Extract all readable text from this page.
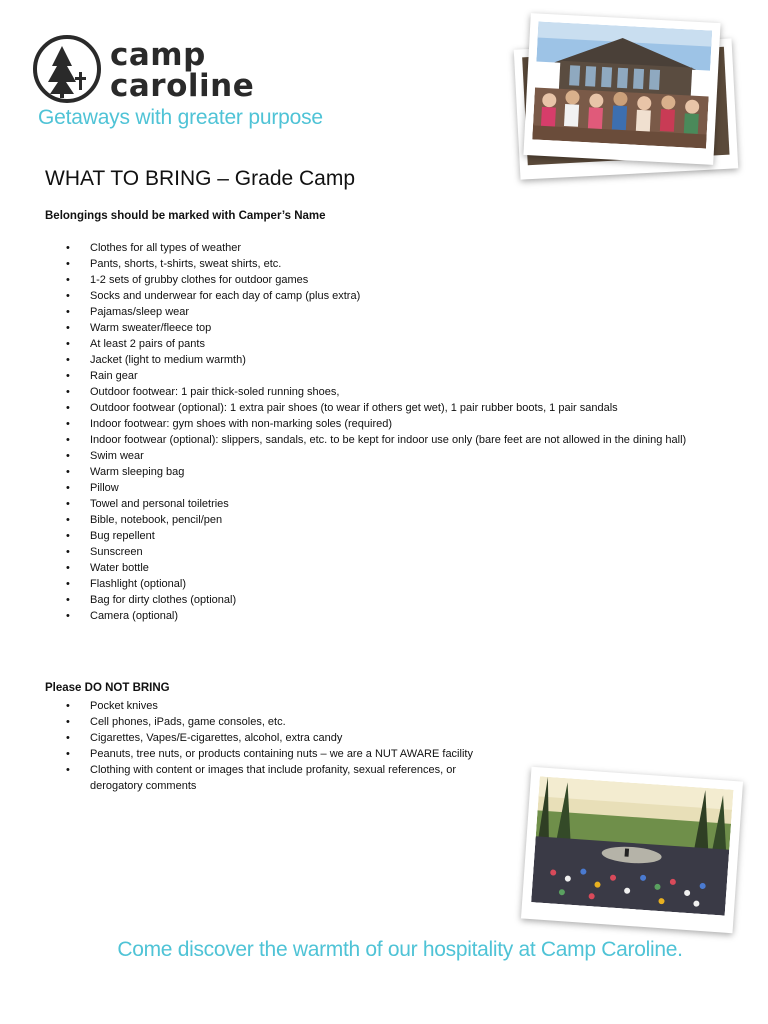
camp
caroline
Getaways with greater purpose
WHAT TO BRING – Grade Camp
Belongings should be marked with Camper’s Name
• Clothes for all types of weather
• Pants, shorts, t-shirts, sweat shirts, etc.
• 1-2 sets of grubby clothes for outdoor games
• Socks and underwear for each day of camp (plus extra)
• Pajamas/sleep wear
• Warm sweater/fleece top
• At least 2 pairs of pants
• Jacket (light to medium warmth)
• Rain gear
• Outdoor footwear: 1 pair thick-soled running shoes,
• Outdoor footwear (optional): 1 extra pair shoes (to wear if others get wet), 1 pair rubber boots, 1 pair sandals
• Indoor footwear: gym shoes with non-marking soles (required)
• Indoor footwear (optional): slippers, sandals, etc. to be kept for indoor use only (bare feet are not allowed in the dining hall)
• Swim wear
• Warm sleeping bag
• Pillow
• Towel and personal toiletries
• Bible, notebook, pencil/pen
• Bug repellent
• Sunscreen
• Water bottle
• Flashlight (optional)
• Bag for dirty clothes (optional)
• Camera (optional)
Please DO NOT BRING
• Pocket knives
• Cell phones, iPads, game consoles, etc.
• Cigarettes, Vapes/E-cigarettes, alcohol, extra candy
• Peanuts, tree nuts, or products containing nuts – we are a NUT AWARE facility
• Clothing with content or images that include profanity, sexual references, or derogatory comments
Come discover the warmth of our hospitality at Camp Caroline.
